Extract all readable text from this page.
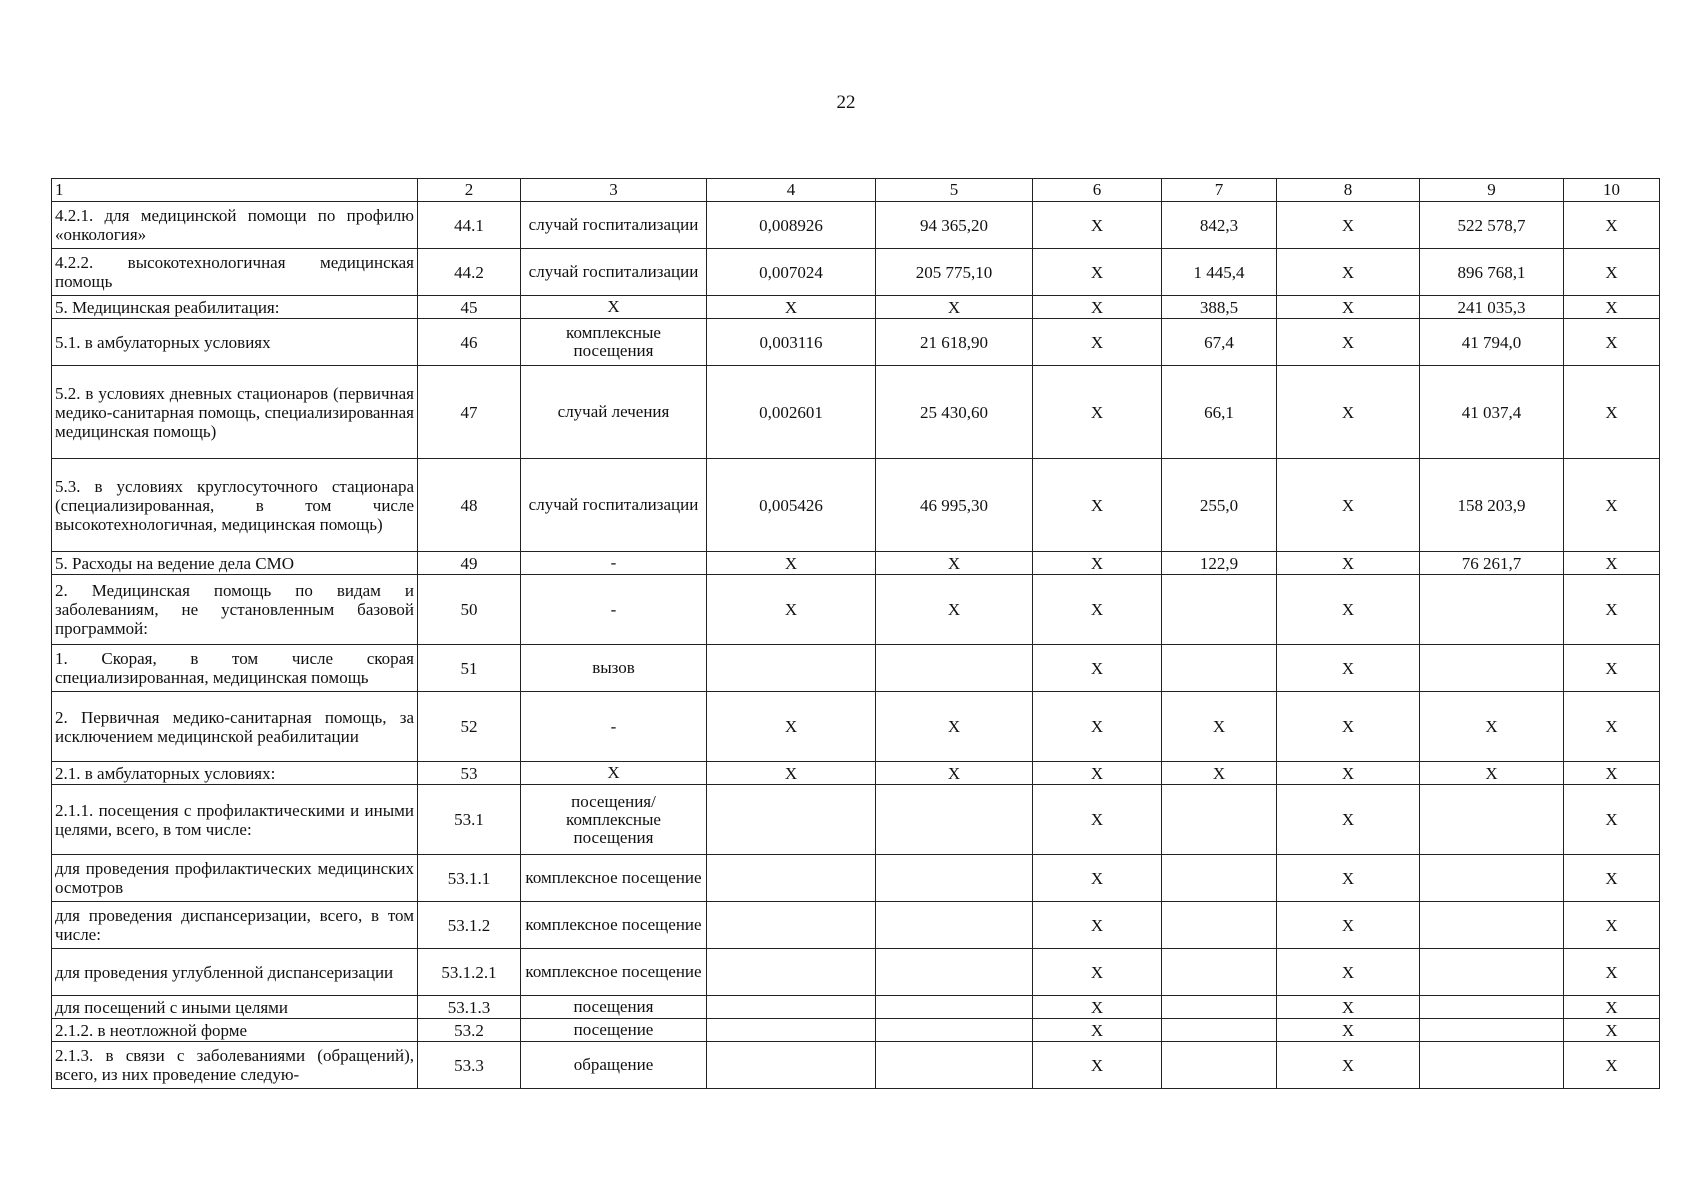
22
1	2	3	4	5	6	7	8	9	10
4.2.1. для медицинской помощи по профилю «онкология»	44.1	случай госпитализации	0,008926	94 365,20	X	842,3	X	522 578,7	X
4.2.2. высокотехнологичная медицинская помощь	44.2	случай госпитализации	0,007024	205 775,10	X	1 445,4	X	896 768,1	X
5. Медицинская реабилитация:	45	X	X	X	X	388,5	X	241 035,3	X
5.1. в амбулаторных условиях	46	комплексные посещения	0,003116	21 618,90	X	67,4	X	41 794,0	X
5.2. в условиях дневных стационаров (первичная медико-санитарная помощь, специализированная медицинская помощь)	47	случай лечения	0,002601	25 430,60	X	66,1	X	41 037,4	X
5.3. в условиях круглосуточного стационара (специализированная, в том числе высокотехнологичная, медицинская помощь)	48	случай госпитализации	0,005426	46 995,30	X	255,0	X	158 203,9	X
5. Расходы на ведение дела СМО	49	-	X	X	X	122,9	X	76 261,7	X
2. Медицинская помощь по видам и заболеваниям, не установленным базовой программой:	50	-	X	X	X		X		X
1. Скорая, в том числе скорая специализированная, медицинская помощь	51	вызов			X		X		X
2. Первичная медико-санитарная помощь, за исключением медицинской реабилитации	52	-	X	X	X	X	X	X	X
2.1. в амбулаторных условиях:	53	X	X	X	X	X	X	X	X
2.1.1. посещения с профилактическими и иными целями, всего, в том числе:	53.1	посещения/комплексные посещения			X		X		X
для проведения профилактических медицинских осмотров	53.1.1	комплексное посещение			X		X		X
для проведения диспансеризации, всего, в том числе:	53.1.2	комплексное посещение			X		X		X
для проведения углубленной диспансеризации	53.1.2.1	комплексное посещение			X		X		X
для посещений с иными целями	53.1.3	посещения			X		X		X
2.1.2. в неотложной форме	53.2	посещение			X		X		X
2.1.3. в связи с заболеваниями (обращений), всего, из них проведение следую-	53.3	обращение			X		X		X
